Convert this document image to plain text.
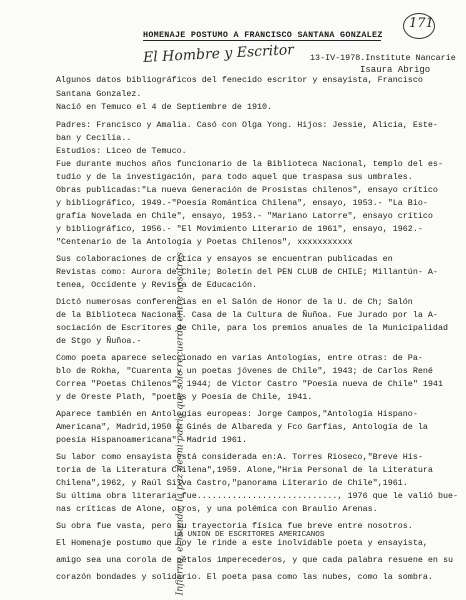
171
HOMENAJE POSTUMO A FRANCISCO SANTANA GONZALEZ
El Hombre y Escritor 13-IV-1978.Institute Nancarie
Isaura Abrigo
Algunos datos bibliográficos del fenecido escritor y ensayista, Francisco
Santana Gonzalez.
Nació en Temuco el 4 de Septiembre de 1910.
Padres: Francisco y Amalia. Casó con Olga Yong. Hijos: Jessie, Alicia, Este-
ban y Cecilia..
Estudios: Liceo de Temuco.
Fue durante muchos años funcionario de la Biblioteca Nacional, templo del es-
tudio y de la investigación, para todo aquel que traspasa sus umbrales.
Obras publicadas:"La nueva Generación de Prosistas chilenos", ensayo crítico
y bibliográfico, 1949.-"Poesía Romántica Chilena", ensayo, 1953.- "La Bio-
grafía Novelada en Chile", ensayo, 1953.- "Mariano Latorre", ensayo crítico
y bibliográfico, 1956.- "El Movimiento Literario de 1961", ensayo, 1962.-
"Centenario de la Antología y Poetas Chilenos", xxxxxxxxxxx
Sus colaboraciones de crítica y ensayos se encuentran publicadas en
Revistas como: Aurora de Chile; Boletín del PEN CLUB de CHILE; Millantún- A-
tenea, Occidente y Revista de Educación.
Dictó numerosas conferencias en el Salón de Honor de la U. de Ch; Salón
de la Biblioteca Nacional. Casa de la Cultura de Ñuñoa. Fue Jurado por la A-
sociación de Escritores de Chile, para los premios anuales de la Municipalidad
de Stgo y Ñuñoa.-
Como poeta aparece seleccionado en varias Antologías, entre otras: de Pa-
blo de Rokha, "Cuarenta y un poetas jóvenes de Chile", 1943; de Carlos René
Correa "Poetas Chilenos", 1944; de Victor Castro "Poesía nueva de Chile" 1941
y de Oreste Plath, "poetas y Poesía de Chile, 1941.
Aparece también en Antologías europeas: Jorge Campos,"Antología Hispano-
Americana", Madrid,1950 y Ginés de Albareda y Fco Garfias, Antología de la
poesía Hispanoamericana", Madrid 1961.
Su labor como ensayista está considerada en:A. Torres Rioseco,"Breve His-
toria de la Literatura Chilena",1959. Alone,"Hria Personal de la Literatura
Chilena",1962, y Raúl Silva Castro,"panorama Literario de Chile",1961.
Su última obra literaria fue............................, 1976 que le valió bue-
nas críticas de Alone, otros, y una polémica con Braulio Arenas.
Su obra fue vasta, pero su trayectoria física fue breve entre nosotros.
El Homenaje postumo que hoy le rinde a este inolvidable poeta y ensayista,
amigo sea una corola de pétalos imperecederos, y que cada palabra resuene en su
corazón bondades y solidario. El poeta pasa como las nubes, como la sombra.
LA UNION DE ESCRITORES AMERICANOS
Infierno, el mundo, la paz de mi patria que sólo recuerdo entre nosotros
